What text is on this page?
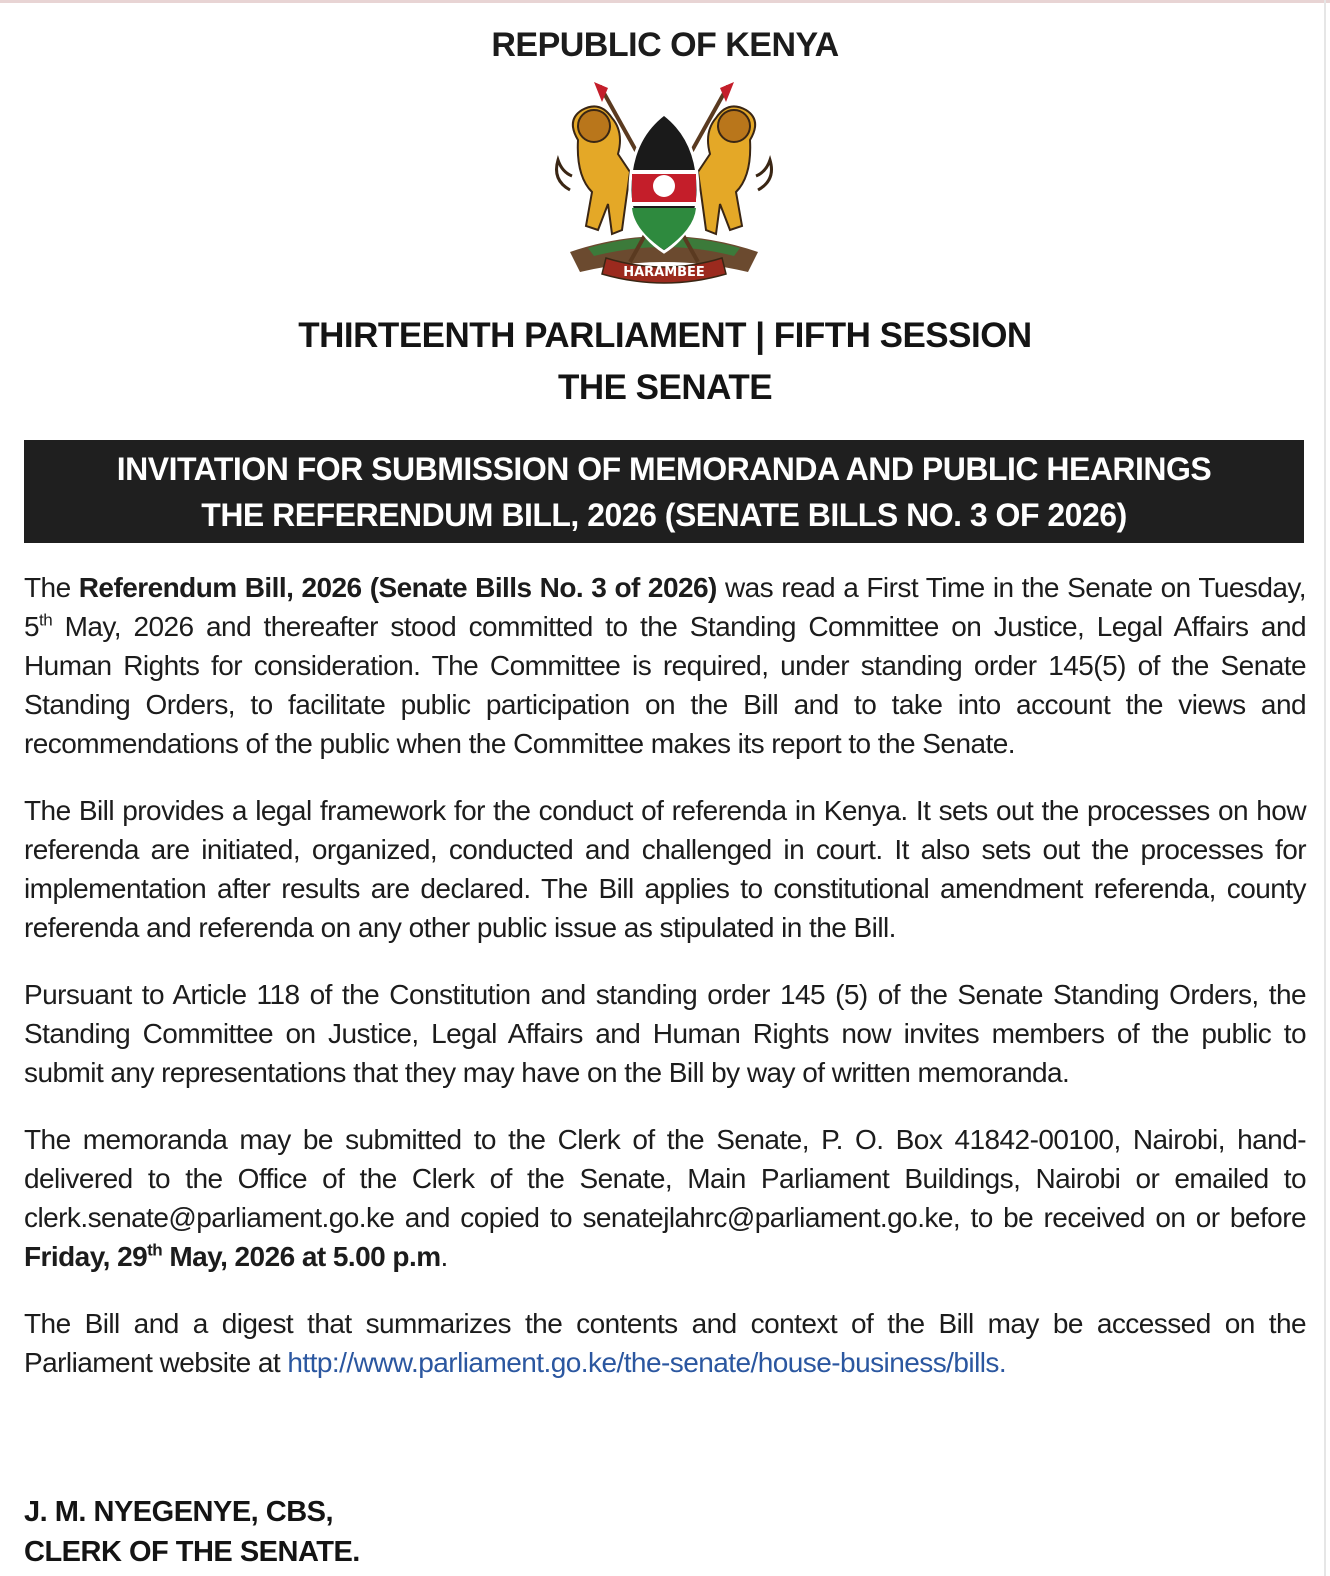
REPUBLIC OF KENYA
HARAMBEE
THIRTEENTH PARLIAMENT | FIFTH SESSION
THE SENATE
INVITATION FOR SUBMISSION OF MEMORANDA AND PUBLIC HEARINGS
THE REFERENDUM BILL, 2026 (SENATE BILLS NO. 3 OF 2026)

The Referendum Bill, 2026 (Senate Bills No. 3 of 2026) was read a First Time in the Senate on Tuesday, 5th May, 2026 and thereafter stood committed to the Standing Committee on Justice, Legal Affairs and Human Rights for consideration. The Committee is required, under standing order 145(5) of the Senate Standing Orders, to facilitate public participation on the Bill and to take into account the views and recommendations of the public when the Committee makes its report to the Senate.

The Bill provides a legal framework for the conduct of referenda in Kenya. It sets out the processes on how referenda are initiated, organized, conducted and challenged in court. It also sets out the processes for implementation after results are declared. The Bill applies to constitutional amendment referenda, county referenda and referenda on any other public issue as stipulated in the Bill.

Pursuant to Article 118 of the Constitution and standing order 145 (5) of the Senate Standing Orders, the Standing Committee on Justice, Legal Affairs and Human Rights now invites members of the public to submit any representations that they may have on the Bill by way of written memoranda.

The memoranda may be submitted to the Clerk of the Senate, P. O. Box 41842-00100, Nairobi, hand-delivered to the Office of the Clerk of the Senate, Main Parliament Buildings, Nairobi or emailed to clerk.senate@parliament.go.ke and copied to senatejlahrc@parliament.go.ke, to be received on or before Friday, 29th May, 2026 at 5.00 p.m.

The Bill and a digest that summarizes the contents and context of the Bill may be accessed on the Parliament website at http://www.parliament.go.ke/the-senate/house-business/bills.

J. M. NYEGENYE, CBS,
CLERK OF THE SENATE.
